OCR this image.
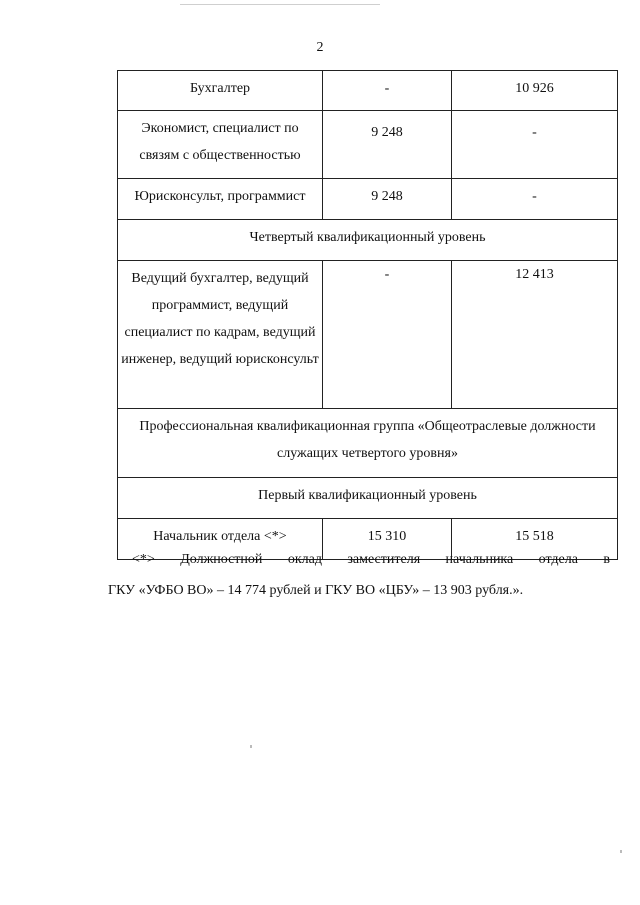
2
Бухгалтер	-	10 926
Экономист, специалист по связям с общественностью	9 248	-
Юрисконсульт, программист	9 248	-
Четвертый квалификационный уровень		
Ведущий бухгалтер, ведущий программист, ведущий специалист по кадрам, ведущий инженер, ведущий юрисконсульт	-	12 413
Профессиональная квалификационная группа «Общеотраслевые должности служащих четвертого уровня»		
Первый квалификационный уровень		
Начальник отдела <*>	15 310	15 518
<*> Должностной оклад заместителя начальника отдела в
ГКУ «УФБО ВО» – 14 774 рублей и ГКУ ВО «ЦБУ» – 13 903 рубля.».
